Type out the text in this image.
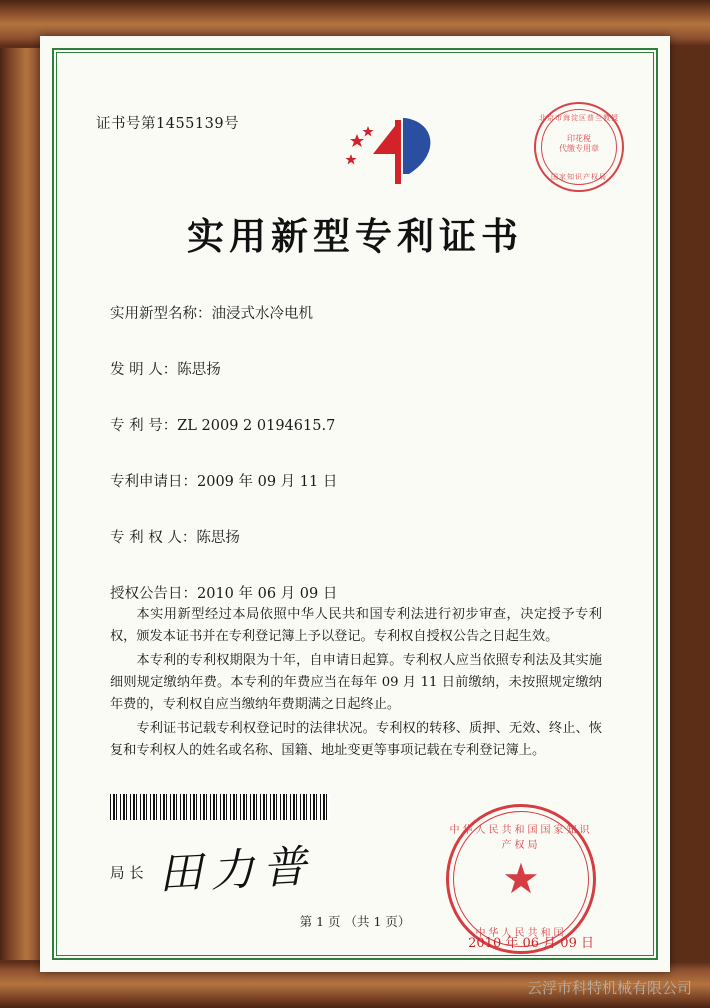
证书号第1455139号	北京市海淀区普兰教授
印花税
代缴专用章
国家知识产权局
实用新型专利证书
实用新型名称：油浸式水冷电机
发 明 人：陈思扬
专 利 号：ZL 2009 2 0194615.7
专利申请日：2009 年 09 月 11 日
专 利 权 人：陈思扬
授权公告日：2010 年 06 月 09 日
本实用新型经过本局依照中华人民共和国专利法进行初步审查，决定授予专利权，颁发本证书并在专利登记簿上予以登记。专利权自授权公告之日起生效。
本专利的专利权期限为十年，自申请日起算。专利权人应当依照专利法及其实施细则规定缴纳年费。本专利的年费应当在每年 09 月 11 日前缴纳，未按照规定缴纳年费的，专利权自应当缴纳年费期满之日起终止。
专利证书记载专利权登记时的法律状况。专利权的转移、质押、无效、终止、恢复和专利权人的姓名或名称、国籍、地址变更等事项记载在专利登记簿上。
局 长 田力普
中华人民共和国国家知识产权局
★
中华人民共和国
2010 年 06 月 09 日
第 1 页 （共 1 页）
云浮市科特机械有限公司
